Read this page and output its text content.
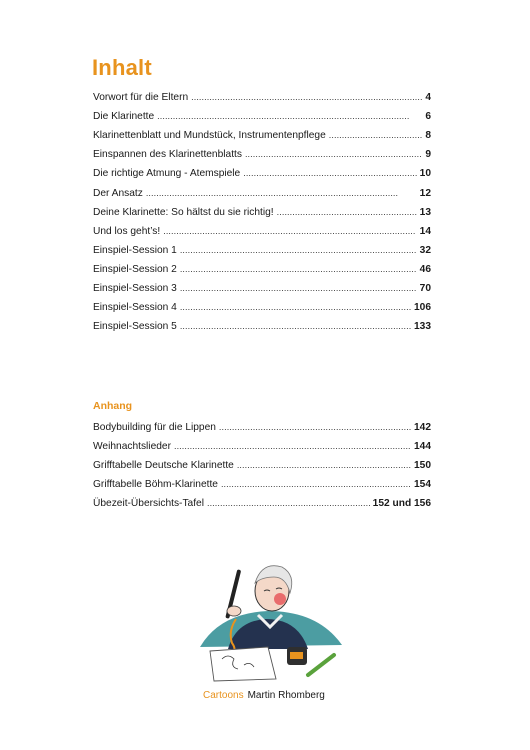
Inhalt
Vorwort für die Eltern . . .	4
Die Klarinette . . .	6
Klarinettenblatt und Mundstück, Instrumentenpflege . . .	8
Einspannen des Klarinettenblatts . . .	9
Die richtige Atmung - Atemspiele . . .	10
Der Ansatz . . .	12
Deine Klarinette: So hältst du sie richtig! . . .	13
Und los geht’s! . . .	14
Einspiel-Session 1 . . .	32
Einspiel-Session 2 . . .	46
Einspiel-Session 3 . . .	70
Einspiel-Session 4 . . .	106
Einspiel-Session 5 . . .	133
Anhang
Bodybuilding für die Lippen . . .	142
Weihnachtslieder . . .	144
Grifftabelle Deutsche Klarinette . . .	150
Grifftabelle Böhm-Klarinette . . .	154
Übezeit-Übersichts-Tafel . . .	152 und 156
Cartoons Martin Rhomberg
